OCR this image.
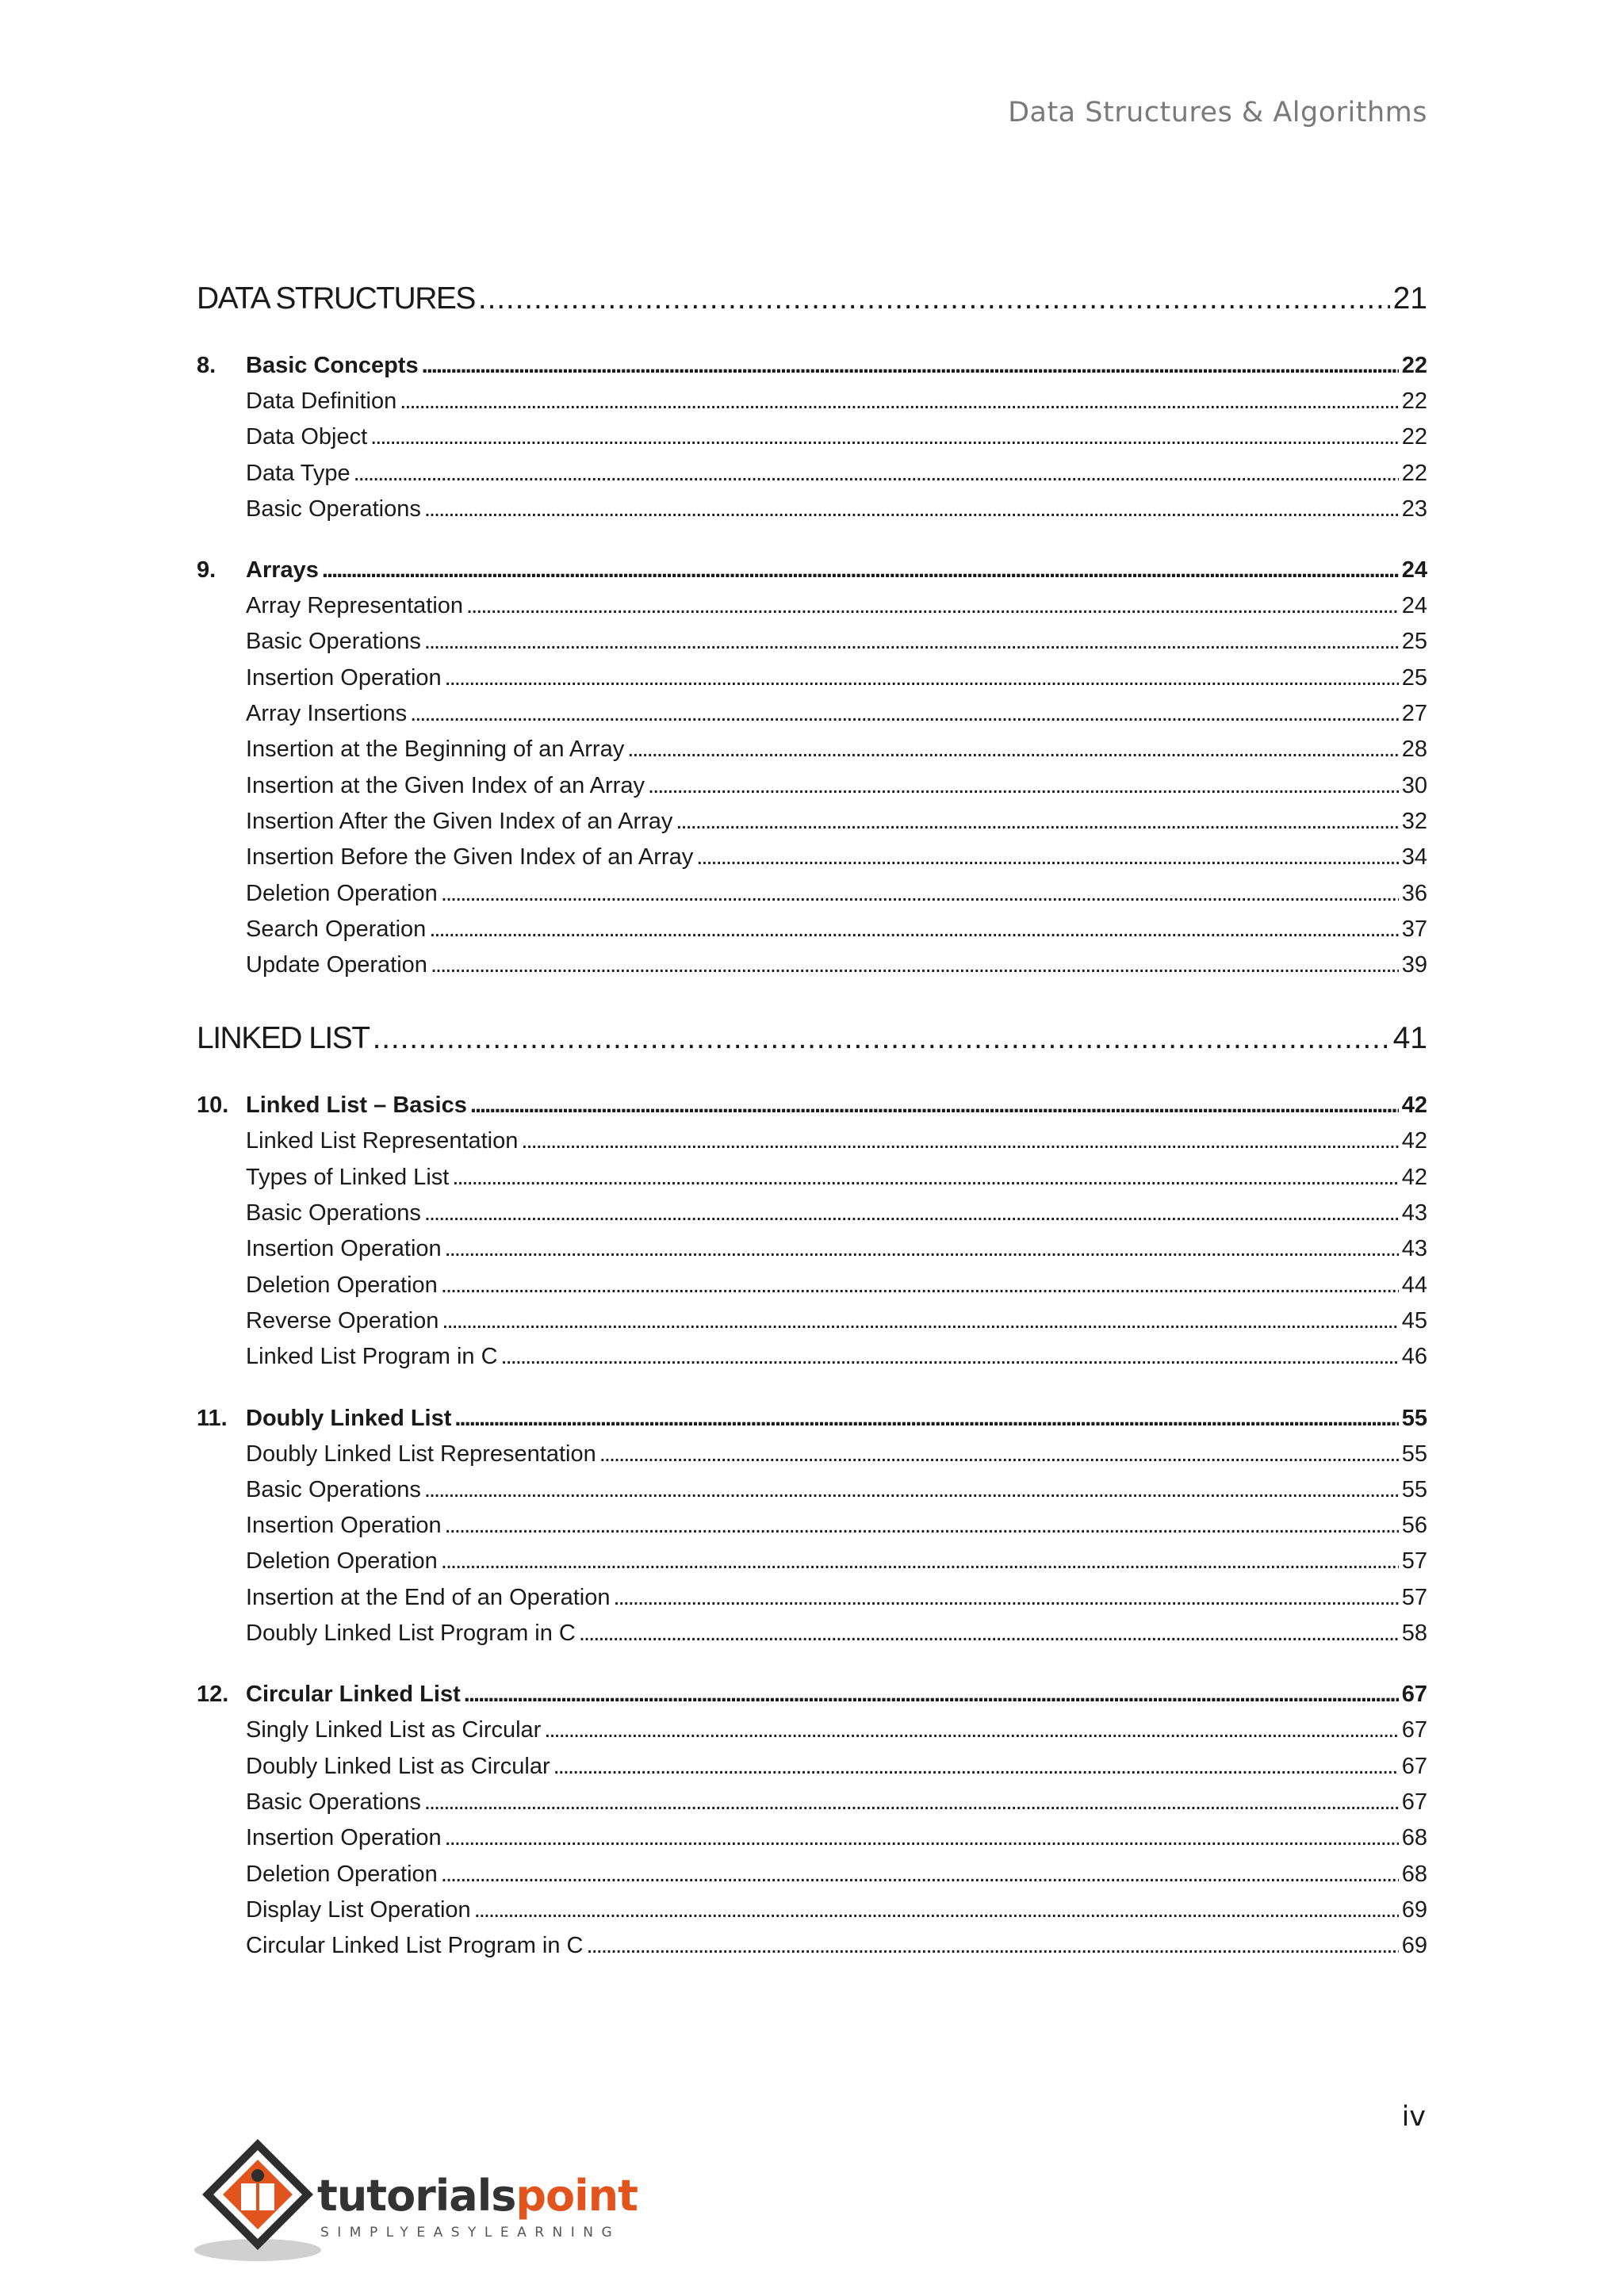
Data Structures & Algorithms
DATA STRUCTURES . . .	21
8. Basic Concepts . . .	22
Data Definition . . .	22
Data Object . . .	22
Data Type . . .	22
Basic Operations . . .	23
9. Arrays . . .	24
Array Representation . . .	24
Basic Operations . . .	25
Insertion Operation . . .	25
Array Insertions . . .	27
Insertion at the Beginning of an Array . . .	28
Insertion at the Given Index of an Array . . .	30
Insertion After the Given Index of an Array . . .	32
Insertion Before the Given Index of an Array . . .	34
Deletion Operation . . .	36
Search Operation . . .	37
Update Operation . . .	39
LINKED LIST . . .	41
10. Linked List – Basics . . .	42
Linked List Representation . . .	42
Types of Linked List . . .	42
Basic Operations . . .	43
Insertion Operation . . .	43
Deletion Operation . . .	44
Reverse Operation . . .	45
Linked List Program in C . . .	46
11. Doubly Linked List . . .	55
Doubly Linked List Representation . . .	55
Basic Operations . . .	55
Insertion Operation . . .	56
Deletion Operation . . .	57
Insertion at the End of an Operation . . .	57
Doubly Linked List Program in C . . .	58
12. Circular Linked List . . .	67
Singly Linked List as Circular . . .	67
Doubly Linked List as Circular . . .	67
Basic Operations . . .	67
Insertion Operation . . .	68
Deletion Operation . . .	68
Display List Operation . . .	69
Circular Linked List Program in C . . .	69
iv
tutorialspoint
SIMPLYEASYLEARNING
